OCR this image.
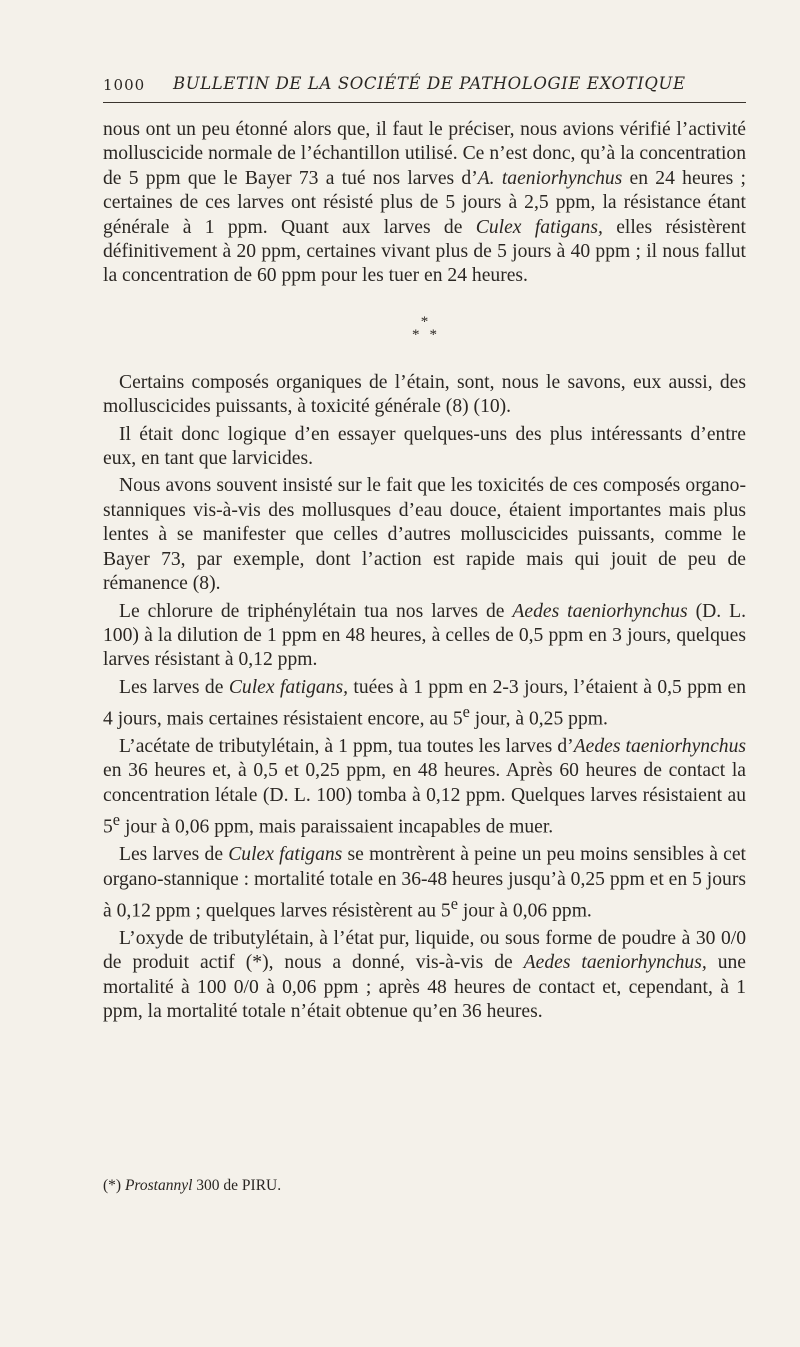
1000 BULLETIN DE LA SOCIÉTÉ DE PATHOLOGIE EXOTIQUE

nous ont un peu étonné alors que, il faut le préciser, nous avions vérifié l’activité molluscicide normale de l’échantillon utilisé. Ce n’est donc, qu’à la concentration de 5 ppm que le Bayer 73 a tué nos larves d’A. taeniorhynchus en 24 heures ; certaines de ces larves ont résisté plus de 5 jours à 2,5 ppm, la résistance étant générale à 1 ppm. Quant aux larves de Culex fatigans, elles résistèrent définitivement à 20 ppm, certaines vivant plus de 5 jours à 40 ppm ; il nous fallut la concentration de 60 ppm pour les tuer en 24 heures.

*
* *

Certains composés organiques de l’étain, sont, nous le savons, eux aussi, des molluscicides puissants, à toxicité générale (8) (10).

Il était donc logique d’en essayer quelques-uns des plus intéressants d’entre eux, en tant que larvicides.

Nous avons souvent insisté sur le fait que les toxicités de ces composés organo-stanniques vis-à-vis des mollusques d’eau douce, étaient importantes mais plus lentes à se manifester que celles d’autres molluscicides puissants, comme le Bayer 73, par exemple, dont l’action est rapide mais qui jouit de peu de rémanence (8).

Le chlorure de triphénylétain tua nos larves de Aedes taeniorhynchus (D. L. 100) à la dilution de 1 ppm en 48 heures, à celles de 0,5 ppm en 3 jours, quelques larves résistant à 0,12 ppm.

Les larves de Culex fatigans, tuées à 1 ppm en 2-3 jours, l’étaient à 0,5 ppm en 4 jours, mais certaines résistaient encore, au 5e jour, à 0,25 ppm.

L’acétate de tributylétain, à 1 ppm, tua toutes les larves d’Aedes taeniorhynchus en 36 heures et, à 0,5 et 0,25 ppm, en 48 heures. Après 60 heures de contact la concentration létale (D. L. 100) tomba à 0,12 ppm. Quelques larves résistaient au 5e jour à 0,06 ppm, mais paraissaient incapables de muer.

Les larves de Culex fatigans se montrèrent à peine un peu moins sensibles à cet organo-stannique : mortalité totale en 36-48 heures jusqu’à 0,25 ppm et en 5 jours à 0,12 ppm ; quelques larves résistèrent au 5e jour à 0,06 ppm.

L’oxyde de tributylétain, à l’état pur, liquide, ou sous forme de poudre à 30 0/0 de produit actif (*), nous a donné, vis-à-vis de Aedes taeniorhynchus, une mortalité à 100 0/0 à 0,06 ppm ; après 48 heures de contact et, cependant, à 1 ppm, la mortalité totale n’était obtenue qu’en 36 heures.

(*) Prostannyl 300 de PIRU.
